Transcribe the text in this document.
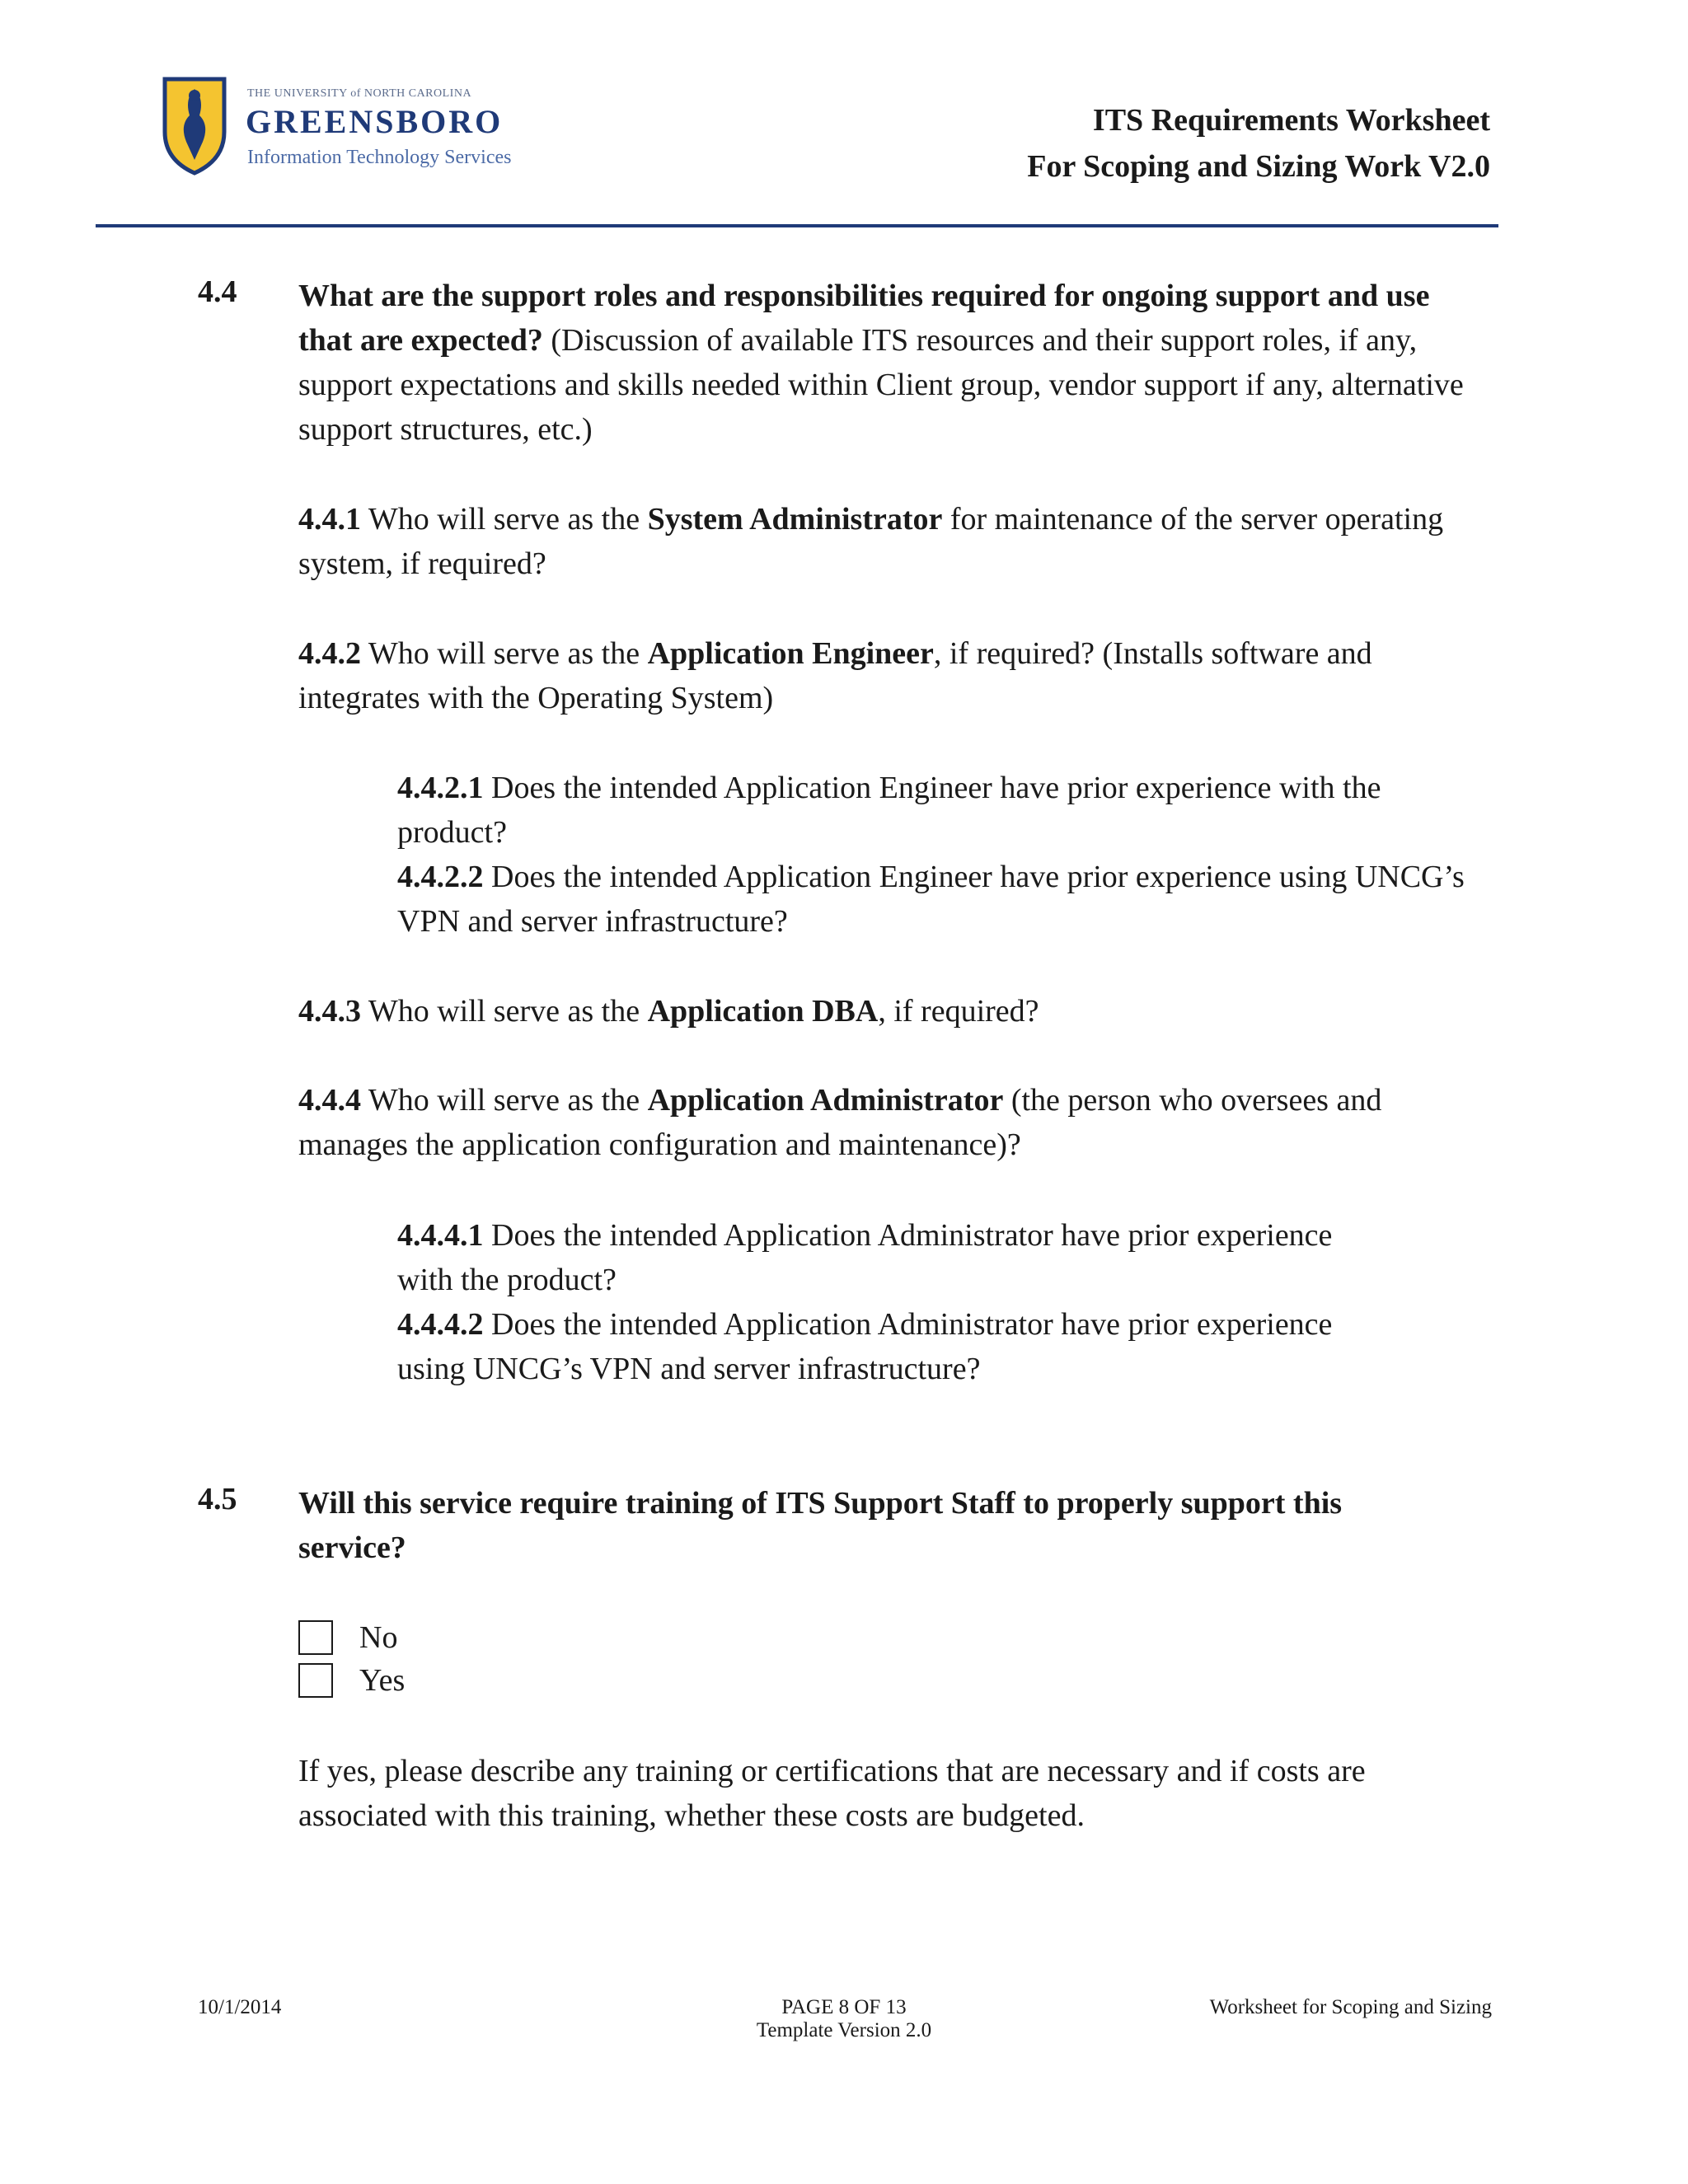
THE UNIVERSITY of NORTH CAROLINA
GREENSBORO
Information Technology Services
ITS Requirements Worksheet
For Scoping and Sizing Work V2.0
4.4 What are the support roles and responsibilities required for ongoing support and use that are expected? (Discussion of available ITS resources and their support roles, if any, support expectations and skills needed within Client group, vendor support if any, alternative support structures, etc.)
4.4.1 Who will serve as the System Administrator for maintenance of the server operating system, if required?
4.4.2 Who will serve as the Application Engineer, if required? (Installs software and integrates with the Operating System)
4.4.2.1 Does the intended Application Engineer have prior experience with the product?
4.4.2.2 Does the intended Application Engineer have prior experience using UNCG’s VPN and server infrastructure?
4.4.3 Who will serve as the Application DBA, if required?
4.4.4 Who will serve as the Application Administrator (the person who oversees and manages the application configuration and maintenance)?
4.4.4.1 Does the intended Application Administrator have prior experience with the product?
4.4.4.2 Does the intended Application Administrator have prior experience using UNCG’s VPN and server infrastructure?
4.5 Will this service require training of ITS Support Staff to properly support this service?
No
Yes
If yes, please describe any training or certifications that are necessary and if costs are associated with this training, whether these costs are budgeted.
10/1/2014	PAGE 8 OF 13
Template Version 2.0
Worksheet for Scoping and Sizing
